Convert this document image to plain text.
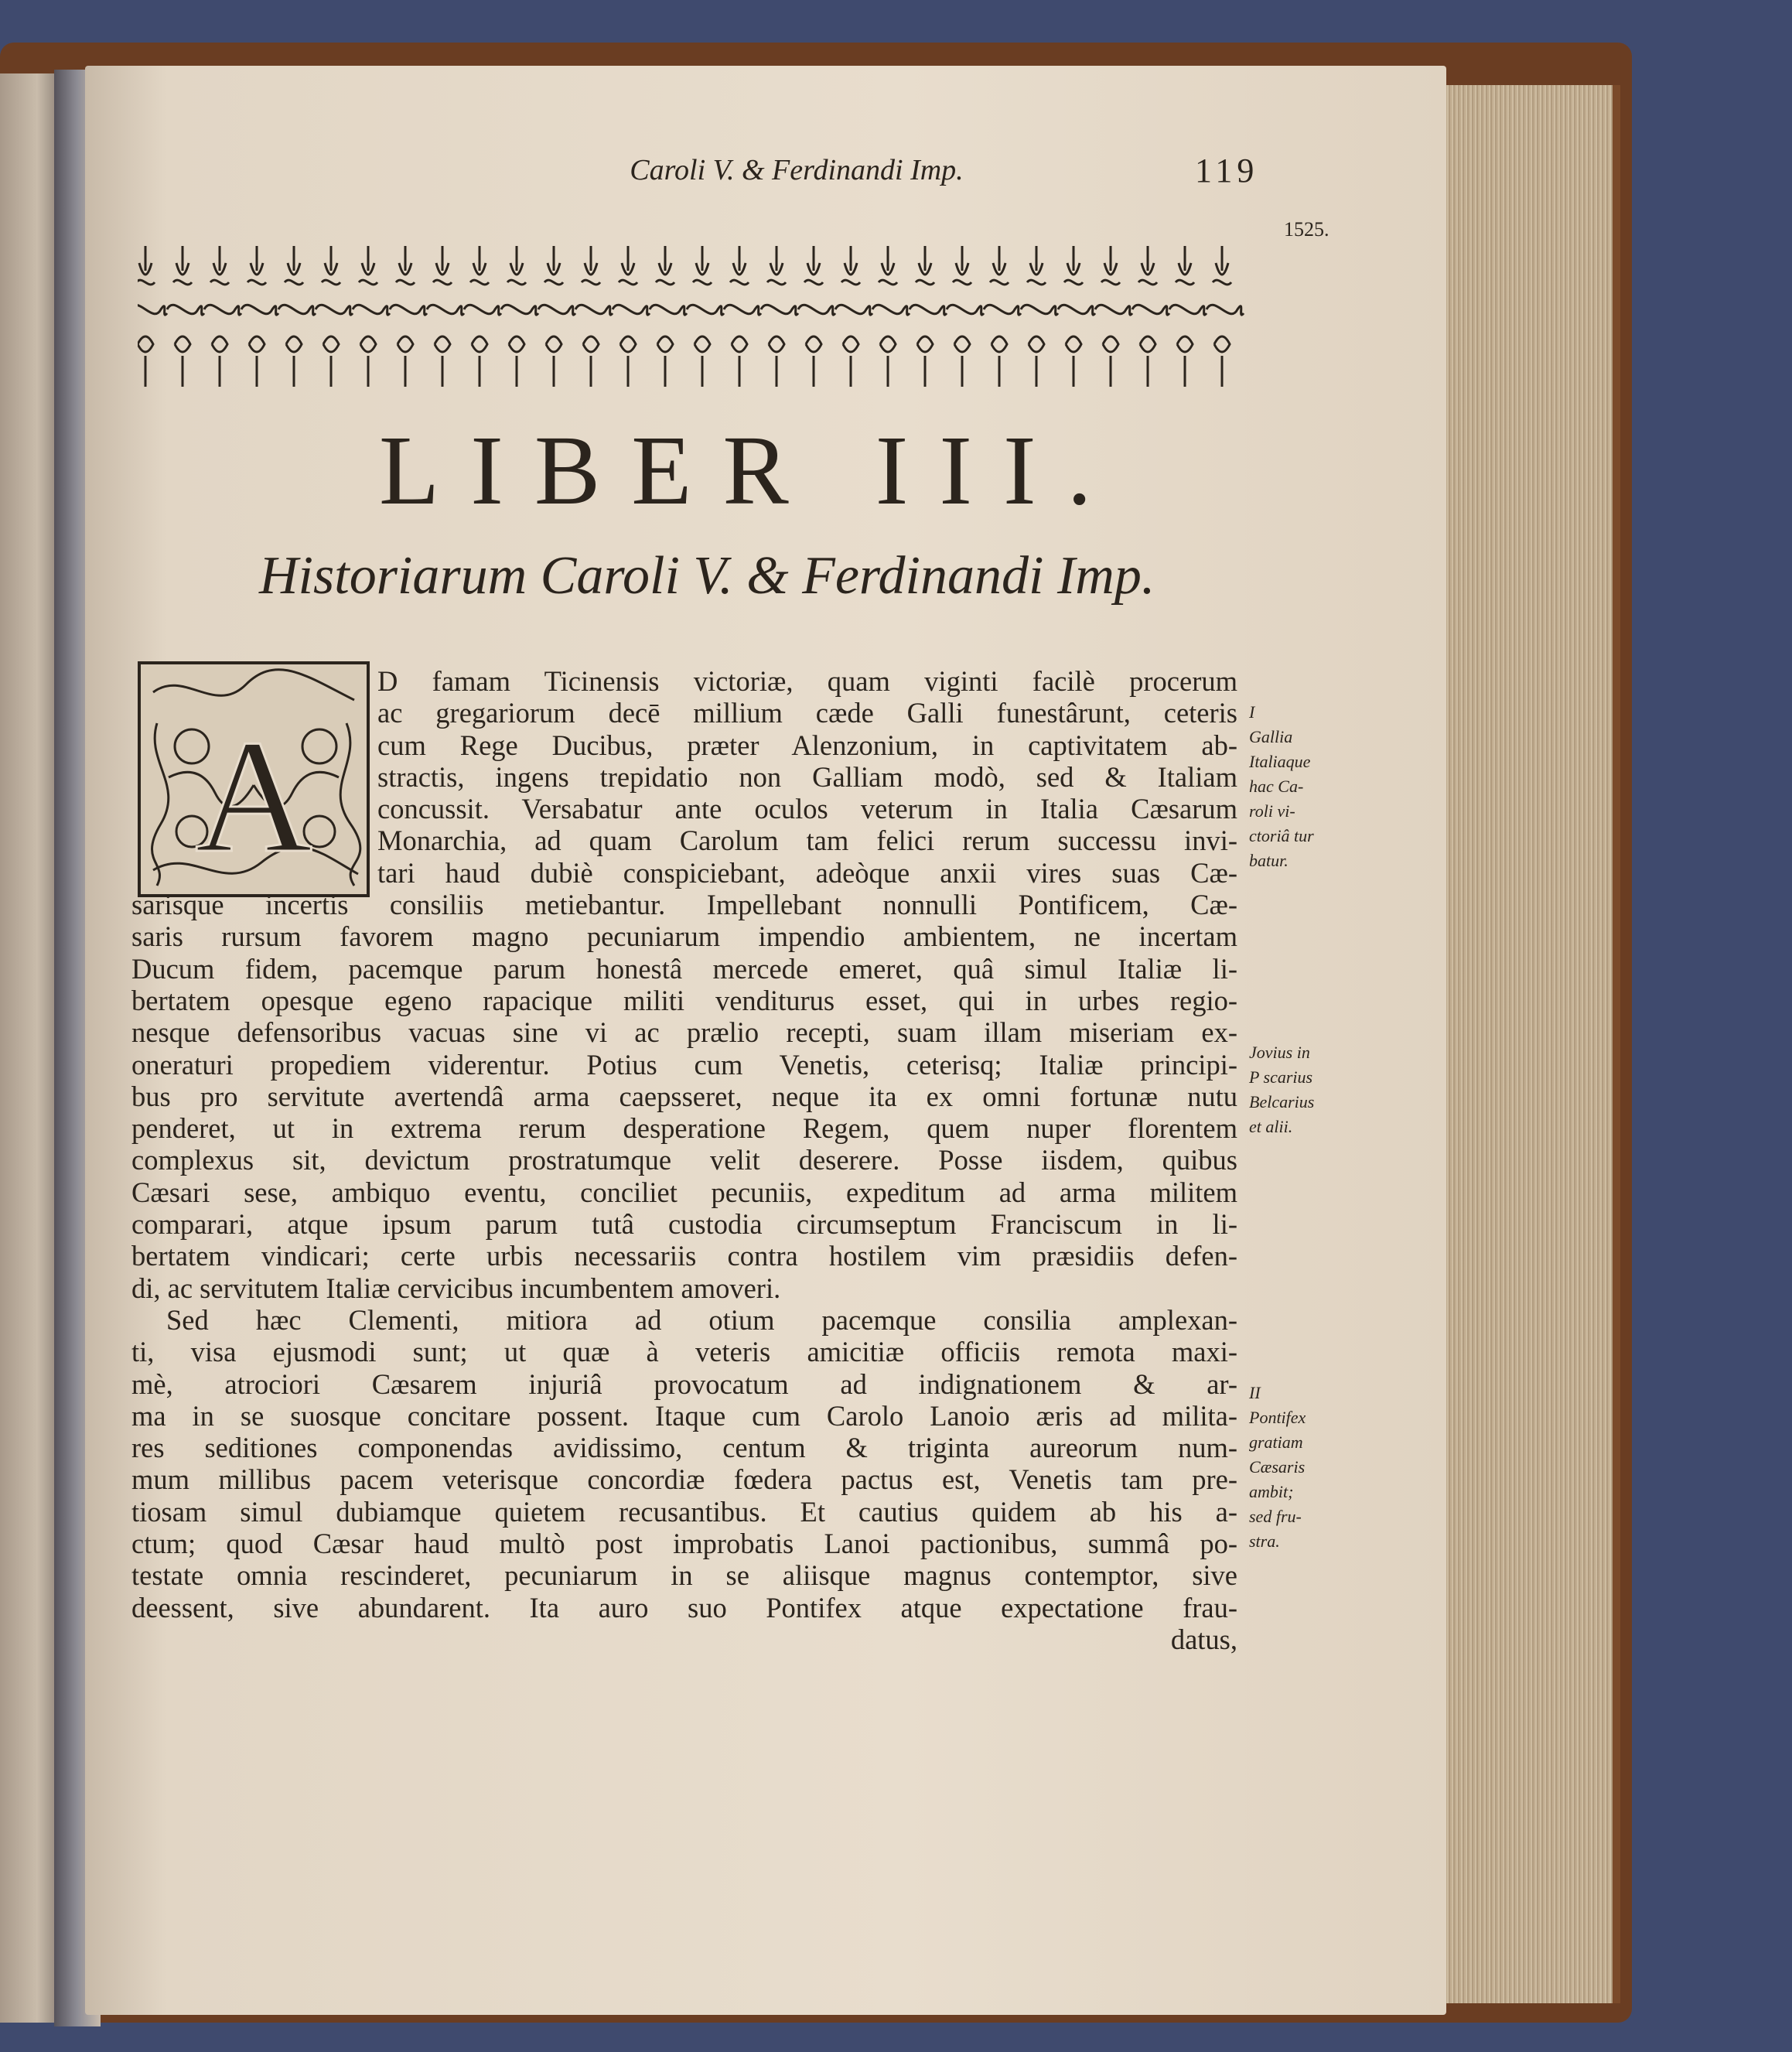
Caroli V. & Ferdinandi Imp.	119
1525.
LIBER III.
Historiarum Caroli V. & Ferdinandi Imp.
A
D famam Ticinensis victoriæ, quam viginti facilè procerum
ac gregariorum decē millium cæde Galli funestârunt, ceteris
cum Rege Ducibus, præter Alenzonium, in captivitatem ab-
stractis, ingens trepidatio non Galliam modò, sed & Italiam
concussit. Versabatur ante oculos veterum in Italia Cæsarum
Monarchia, ad quam Carolum tam felici rerum successu invi-
tari haud dubiè conspiciebant, adeòque anxii vires suas Cæ-
sarisque incertis consiliis metiebantur. Impellebant nonnulli Pontificem, Cæ-
saris rursum favorem magno pecuniarum impendio ambientem, ne incertam
Ducum fidem, pacemque parum honestâ mercede emeret, quâ simul Italiæ li-
bertatem opesque egeno rapacique militi venditurus esset, qui in urbes regio-
nesque defensoribus vacuas sine vi ac prælio recepti, suam illam miseriam ex-
oneraturi propediem viderentur. Potius cum Venetis, ceterisq; Italiæ principi-
bus pro servitute avertendâ arma caepsseret, neque ita ex omni fortunæ nutu
penderet, ut in extrema rerum desperatione Regem, quem nuper florentem
complexus sit, devictum prostratumque velit deserere. Posse iisdem, quibus
Cæsari sese, ambiquo eventu, conciliet pecuniis, expeditum ad arma militem
comparari, atque ipsum parum tutâ custodia circumseptum Franciscum in li-
bertatem vindicari; certe urbis necessariis contra hostilem vim præsidiis defen-
di, ac servitutem Italiæ cervicibus incumbentem amoveri.
Sed hæc Clementi, mitiora ad otium pacemque consilia amplexan-
ti, visa ejusmodi sunt; ut quæ à veteris amicitiæ officiis remota maxi-
mè, atrociori Cæsarem injuriâ provocatum ad indignationem & ar-
ma in se suosque concitare possent. Itaque cum Carolo Lanoio æris ad milita-
res seditiones componendas avidissimo, centum & triginta aureorum num-
mum millibus pacem veterisque concordiæ fœdera pactus est, Venetis tam pre-
tiosam simul dubiamque quietem recusantibus. Et cautius quidem ab his a-
ctum; quod Cæsar haud multò post improbatis Lanoi pactionibus, summâ po-
testate omnia rescinderet, pecuniarum in se aliisque magnus contemptor, sive
deessent, sive abundarent. Ita auro suo Pontifex atque expectatione frau-
datus,
I
Gallia
Italiaque
hac Ca-
roli vi-
ctoriâ tur
batur.
Jovius in
P scarius
Belcarius
et alii.
II
Pontifex
gratiam
Cæsaris
ambit;
sed fru-
stra.
